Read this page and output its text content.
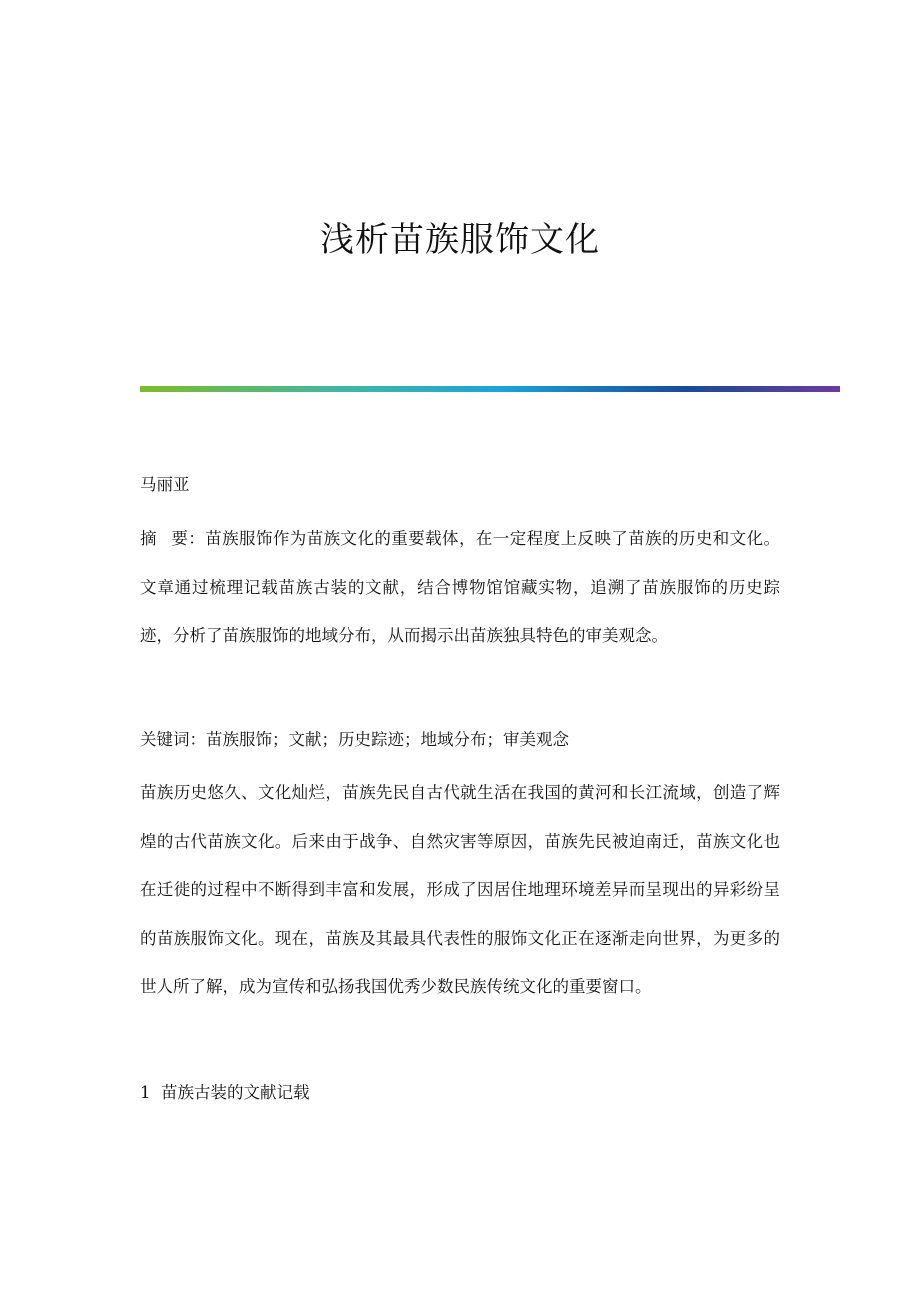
浅析苗族服饰文化
马丽亚

摘 要：苗族服饰作为苗族文化的重要载体，在一定程度上反映了苗族的历史和文化。文章通过梳理记载苗族古装的文献，结合博物馆馆藏实物，追溯了苗族服饰的历史踪迹，分析了苗族服饰的地域分布，从而揭示出苗族独具特色的审美观念。

关键词：苗族服饰；文献；历史踪迹；地域分布；审美观念

苗族历史悠久、文化灿烂，苗族先民自古代就生活在我国的黄河和长江流域，创造了辉煌的古代苗族文化。后来由于战争、自然灾害等原因，苗族先民被迫南迁，苗族文化也在迁徙的过程中不断得到丰富和发展，形成了因居住地理环境差异而呈现出的异彩纷呈的苗族服饰文化。现在，苗族及其最具代表性的服饰文化正在逐渐走向世界，为更多的世人所了解，成为宣传和弘扬我国优秀少数民族传统文化的重要窗口。

1 苗族古装的文献记载
